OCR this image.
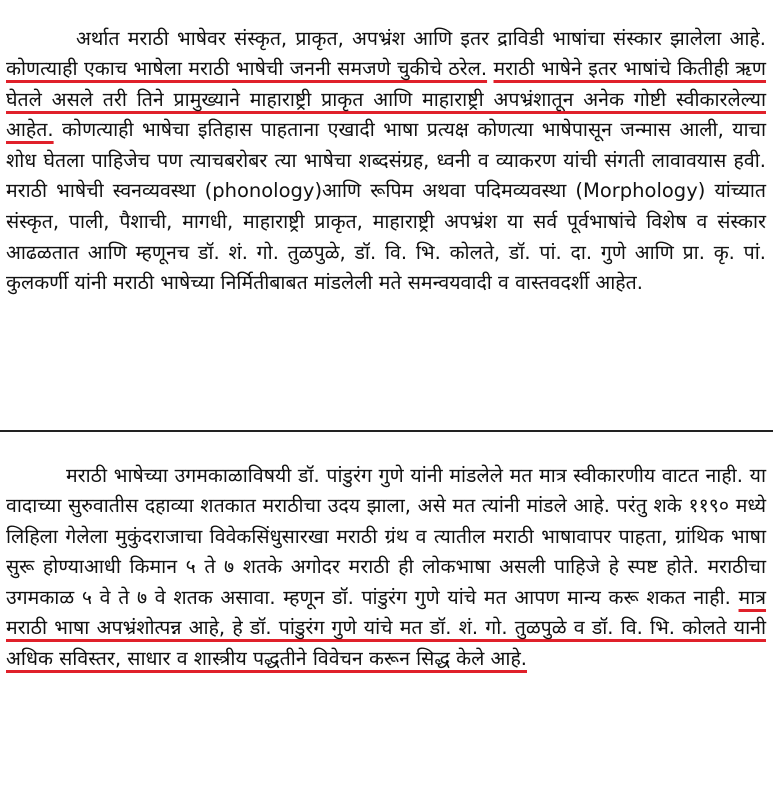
अर्थात मराठी भाषेवर संस्कृत, प्राकृत, अपभ्रंश आणि इतर द्राविडी भाषांचा संस्कार झालेला आहे. कोणत्याही एकाच भाषेला मराठी भाषेची जननी समजणे चुकीचे ठरेल. मराठी भाषेने इतर भाषांचे कितीही ऋण घेतले असले तरी तिने प्रामुख्याने माहाराष्ट्री प्राकृत आणि माहाराष्ट्री अपभ्रंशातून अनेक गोष्टी स्वीकारलेल्या आहेत. कोणत्याही भाषेचा इतिहास पाहताना एखादी भाषा प्रत्यक्ष कोणत्या भाषेपासून जन्मास आली, याचा शोध घेतला पाहिजेच पण त्याचबरोबर त्या भाषेचा शब्दसंग्रह, ध्वनी व व्याकरण यांची संगती लावावयास हवी. मराठी भाषेची स्वनव्यवस्था (phonology)आणि रूपिम अथवा पदिमव्यवस्था (Morphology) यांच्यात संस्कृत, पाली, पैशाची, मागधी, माहाराष्ट्री प्राकृत, माहाराष्ट्री अपभ्रंश या सर्व पूर्वभाषांचे विशेष व संस्कार आढळतात आणि म्हणूनच डॉ. शं. गो. तुळपुळे, डॉ. वि. भि. कोलते, डॉ. पां. दा. गुणे आणि प्रा. कृ. पां. कुलकर्णी यांनी मराठी भाषेच्या निर्मितीबाबत मांडलेली मते समन्वयवादी व वास्तवदर्शी आहेत.

मराठी भाषेच्या उगमकाळाविषयी डॉ. पांडुरंग गुणे यांनी मांडलेले मत मात्र स्वीकारणीय वाटत नाही. या वादाच्या सुरुवातीस दहाव्या शतकात मराठीचा उदय झाला, असे मत त्यांनी मांडले आहे. परंतु शके ११९० मध्ये लिहिला गेलेला मुकुंदराजाचा विवेकसिंधुसारखा मराठी ग्रंथ व त्यातील मराठी भाषावापर पाहता, ग्रांथिक भाषा सुरू होण्याआधी किमान ५ ते ७ शतके अगोदर मराठी ही लोकभाषा असली पाहिजे हे स्पष्ट होते. मराठीचा उगमकाळ ५ वे ते ७ वे शतक असावा. म्हणून डॉ. पांडुरंग गुणे यांचे मत आपण मान्य करू शकत नाही. मात्र मराठी भाषा अपभ्रंशोत्पन्न आहे, हे डॉ. पांडुरंग गुणे यांचे मत डॉ. शं. गो. तुळपुळे व डॉ. वि. भि. कोलते यानी अधिक सविस्तर, साधार व शास्त्रीय पद्धतीने विवेचन करून सिद्ध केले आहे.
